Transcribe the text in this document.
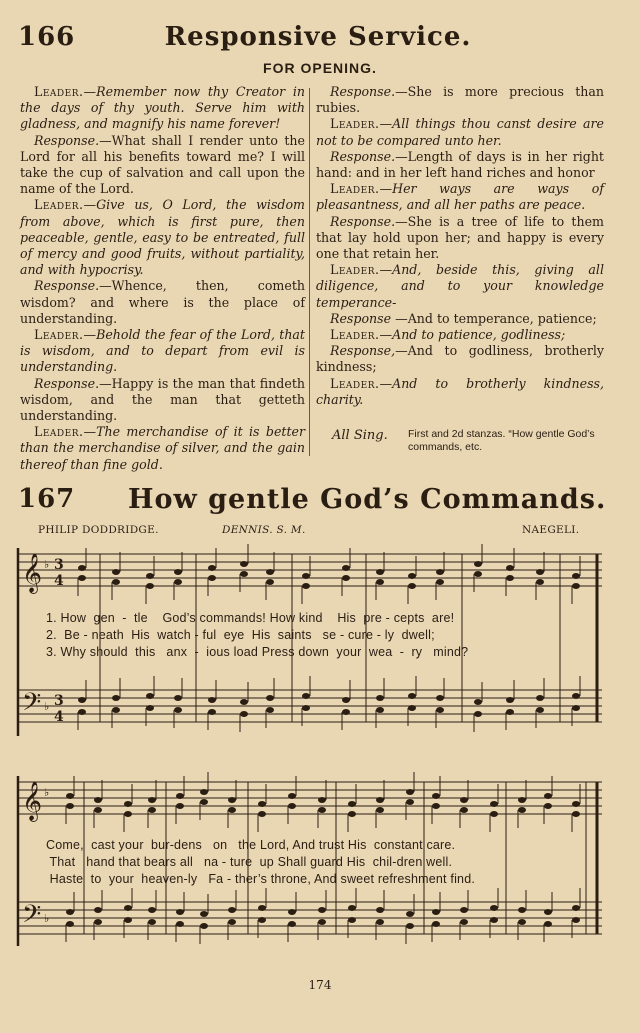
166	Responsive Service.
FOR OPENING.

Leader.—Remember now thy Creator in the days of thy youth. Serve him with gladness, and magnify his name forever!

Response.—What shall I render unto the Lord for all his benefits toward me? I will take the cup of salvation and call upon the name of the Lord.

Leader.—Give us, O Lord, the wisdom from above, which is first pure, then peaceable, gentle, easy to be entreated, full of mercy and good fruits, without partiality, and with hypocrisy.

Response.—Whence, then, cometh wisdom? and where is the place of understanding.

Leader.—Behold the fear of the Lord, that is wisdom, and to depart from evil is understanding.

Response.—Happy is the man that findeth wisdom, and the man that getteth understanding.

Leader.—The merchandise of it is better than the merchandise of silver, and the gain thereof than fine gold.

Response.—She is more precious than rubies.

Leader.—All things thou canst desire are not to be compared unto her.

Response.—Length of days is in her right hand: and in her left hand riches and honor

Leader.—Her ways are ways of pleasantness, and all her paths are peace.

Response.—She is a tree of life to them that lay hold upon her; and happy is every one that retain her.

Leader.—And, beside this, giving all diligence, and to your knowledge temperance-

Response —And to temperance, patience;

Leader.—And to patience, godliness;

Response,—And to godliness, brotherly kindness;

Leader.—And to brotherly kindness, charity.

All Sing. First and 2d stanzas. “How gentle God’s commands, etc.
167 How gentle God’s Commands.
PHILIP DODDRIDGE.	DENNIS. S. M.	NAEGELI.
𝄞
𝄢
♭
♭
3
4
3
4
1. How  gen  -  tle    God’s commands! How kind    His  pre - cepts  are!
2.  Be - neath  His  watch - ful  eye  His  saints   se - cure - ly  dwell;
3. Why should  this   anx  -  ious load Press down  your  wea  -  ry   mind?
𝄞
𝄢
♭
♭
Come,  cast your  bur-dens   on   the Lord, And trust His  constant care.
That   hand that bears all   na - ture  up Shall guard His  chil-dren well.
Haste  to  your  heaven-ly   Fa - ther’s throne, And sweet refreshment find.
174
